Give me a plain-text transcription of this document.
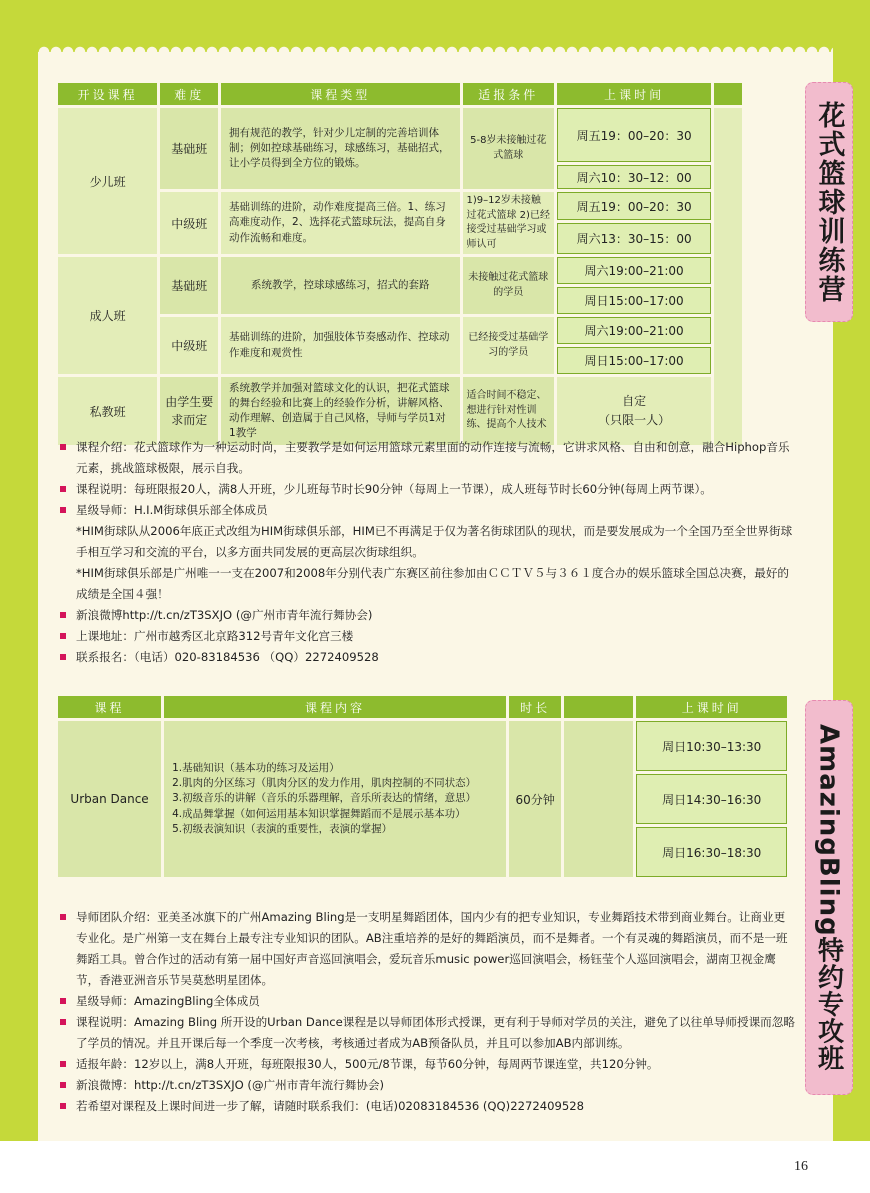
16
花式篮球训练营
AmazingBling特约专攻班
开设课程	难度	课程类型	适报条件	上课时间	
少儿班	基础班	拥有规范的教学，针对少儿定制的完善培训体制；例如控球基础练习，球感练习，基础招式，让小学员得到全方位的锻炼。	5-8岁未接触过花式篮球	周五19：00–20：30	
				周六10：30–12：00	
	中级班	基础训练的进阶，动作难度提高三倍。1、练习高难度动作，2、选择花式篮球玩法，提高自身动作流畅和难度。	1)9–12岁未接触过花式篮球 2)已经接受过基础学习或师认可	周五19：00–20：30	
				周六13：30–15：00	
成人班	基础班	系统教学，控球球感练习，招式的套路	未接触过花式篮球的学员	周六19:00–21:00	
				周日15:00–17:00	
	中级班	基础训练的进阶，加强肢体节奏感动作、控球动作难度和观赏性	已经接受过基础学习的学员	周六19:00–21:00	
				周日15:00–17:00	
私教班	由学生要求而定	系统教学并加强对篮球文化的认识，把花式篮球的舞台经验和比赛上的经验作分析，讲解风格、动作理解、创造属于自己风格，导师与学员1对1教学	适合时间不稳定、想进行针对性训练、提高个人技术	自定
（只限一人）	
课程介绍：花式篮球作为一种运动时尚，主要教学是如何运用篮球元素里面的动作连接与流畅，它讲求风格、自由和创意，融合Hiphop音乐元素，挑战篮球极限，展示自我。
课程说明：每班限报20人，满8人开班，少儿班每节时长90分钟（每周上一节课），成人班每节时长60分钟(每周上两节课）。
星级导师：H.I.M街球俱乐部全体成员
*HIM街球队从2006年底正式改组为HIM街球俱乐部，HIM已不再满足于仅为著名街球团队的现状，而是要发展成为一个全国乃至全世界街球手相互学习和交流的平台，以多方面共同发展的更高层次街球组织。
*HIM街球俱乐部是广州唯一一支在2007和2008年分别代表广东赛区前往参加由ＣＣＴＶ５与３６１度合办的娱乐篮球全国总决赛，最好的成绩是全国４强！
新浪微博http://t.cn/zT3SXJO (@广州市青年流行舞协会)
上课地址：广州市越秀区北京路312号青年文化宫三楼
联系报名：（电话）020-83184536 （QQ）2272409528
课程	课程内容	时长		上课时间
Urban Dance	1.基础知识（基本功的练习及运用）
2.肌肉的分区练习（肌肉分区的发力作用，肌肉控制的不同状态）
3.初级音乐的讲解（音乐的乐器理解，音乐所表达的情绪，意思）
4.成品舞掌握（如何运用基本知识掌握舞蹈而不是展示基本功）
5.初级表演知识（表演的重要性，表演的掌握）	60分钟		周日10:30–13:30
				周日14:30–16:30
				周日16:30–18:30
导师团队介绍：亚美圣冰旗下的广州Amazing Bling是一支明星舞蹈团体，国内少有的把专业知识，专业舞蹈技术带到商业舞台。让商业更专业化。是广州第一支在舞台上最专注专业知识的团队。AB注重培养的是好的舞蹈演员，而不是舞者。一个有灵魂的舞蹈演员，而不是一班舞蹈工具。曾合作过的活动有第一届中国好声音巡回演唱会，爱玩音乐music power巡回演唱会，杨钰莹个人巡回演唱会，湖南卫视金鹰节，香港亚洲音乐节吴莫愁明星团体。
星级导师：AmazingBling全体成员
课程说明：Amazing Bling 所开设的Urban Dance课程是以导师团体形式授课，更有利于导师对学员的关注，避免了以往单导师授课而忽略了学员的情况。并且开课后每一个季度一次考核，考核通过者成为AB预备队员，并且可以参加AB内部训练。
适报年龄：12岁以上，满8人开班，每班限报30人，500元/8节课，每节60分钟，每周两节课连堂，共120分钟。
新浪微博：http://t.cn/zT3SXJO (@广州市青年流行舞协会)
若希望对课程及上课时间进一步了解，请随时联系我们：(电话)02083184536 (QQ)2272409528
